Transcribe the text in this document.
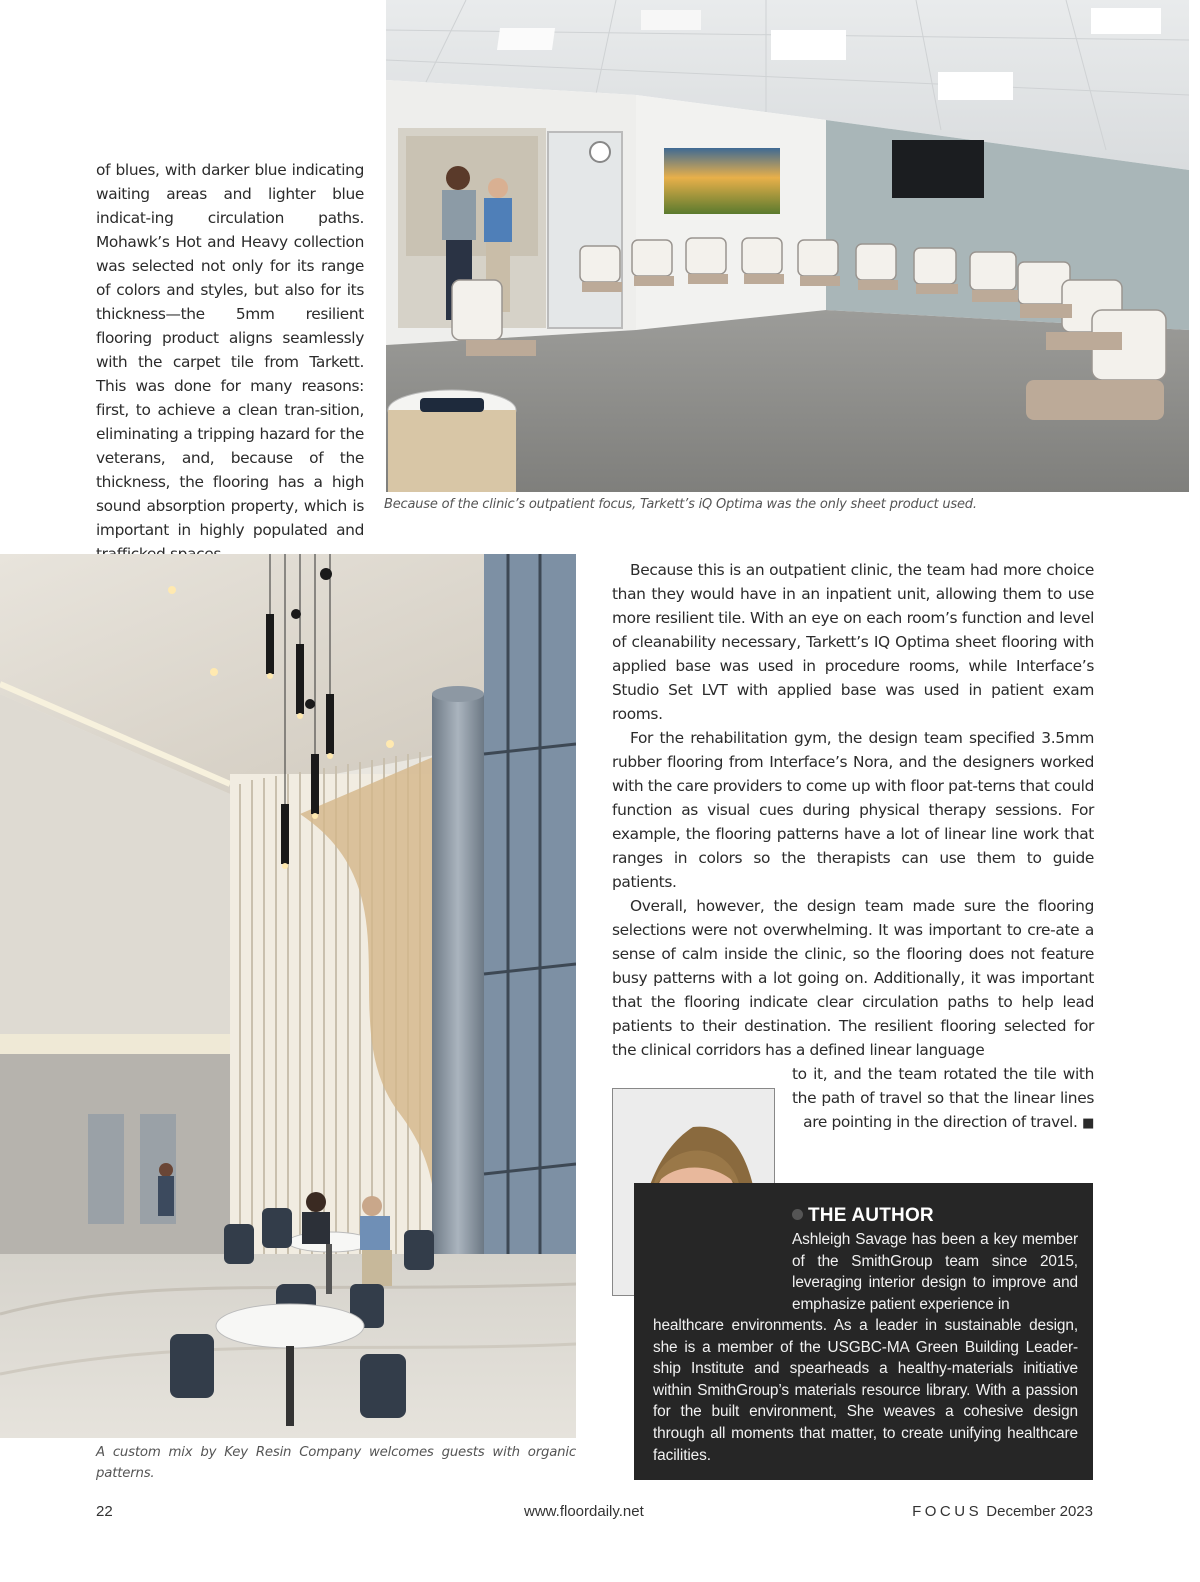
of blues, with darker blue indicating waiting areas and lighter blue indicat-ing circulation paths. Mohawk’s Hot and Heavy collection was selected not only for its range of colors and styles, but also for its thickness—the 5mm resilient flooring product aligns seamlessly with the carpet tile from Tarkett. This was done for many reasons: first, to achieve a clean tran-sition, eliminating a tripping hazard for the veterans, and, because of the thickness, the flooring has a high sound absorption property, which is important in highly populated and

Because of the clinic’s outpatient focus, Tarkett’s iQ Optima was the only sheet product used.
A custom mix by Key Resin Company welcomes guests with organic patterns.

Because this is an outpatient clinic, the team had more choice than they would have in an inpatient unit, allowing them to use more resilient tile. With an eye on each room’s function and level of cleanability necessary, Tarkett’s IQ Optima sheet flooring with applied base was used in procedure rooms, while Interface’s Studio Set LVT with applied base was used in patient exam rooms.

For the rehabilitation gym, the design team specified 3.5mm rubber flooring from Interface’s Nora, and the designers worked with the care providers to come up with floor pat-terns that could function as visual cues during physical therapy sessions. For example, the flooring patterns have a lot of linear line work that ranges in colors so the therapists can use them to guide patients.

Overall, however, the design team made sure the flooring selections were not overwhelming. It was important to cre-ate a sense of calm inside the clinic, so the flooring does not feature busy patterns with a lot going on. Additionally, it was important that the flooring indicate clear circulation paths to help lead patients to their destination. The resilient flooring selected for the clinical corridors has a defined linear language

to it, and the team rotated the tile with the path of travel so that the linear lines are pointing in the direction of travel. ■

THE AUTHOR

Ashleigh Savage has been a key member of the SmithGroup team since 2015, leveraging interior design to improve and emphasize patient experience in

healthcare environments. As a leader in sustainable design, she is a member of the USGBC-MA Green Building Leader-ship Institute and spearheads a healthy-materials initiative within SmithGroup’s materials resource library. With a passion for the built environment, She weaves a cohesive design through all moments that matter, to create unifying healthcare facilities.

22	www.floordaily.net	FOCUS December 2023
